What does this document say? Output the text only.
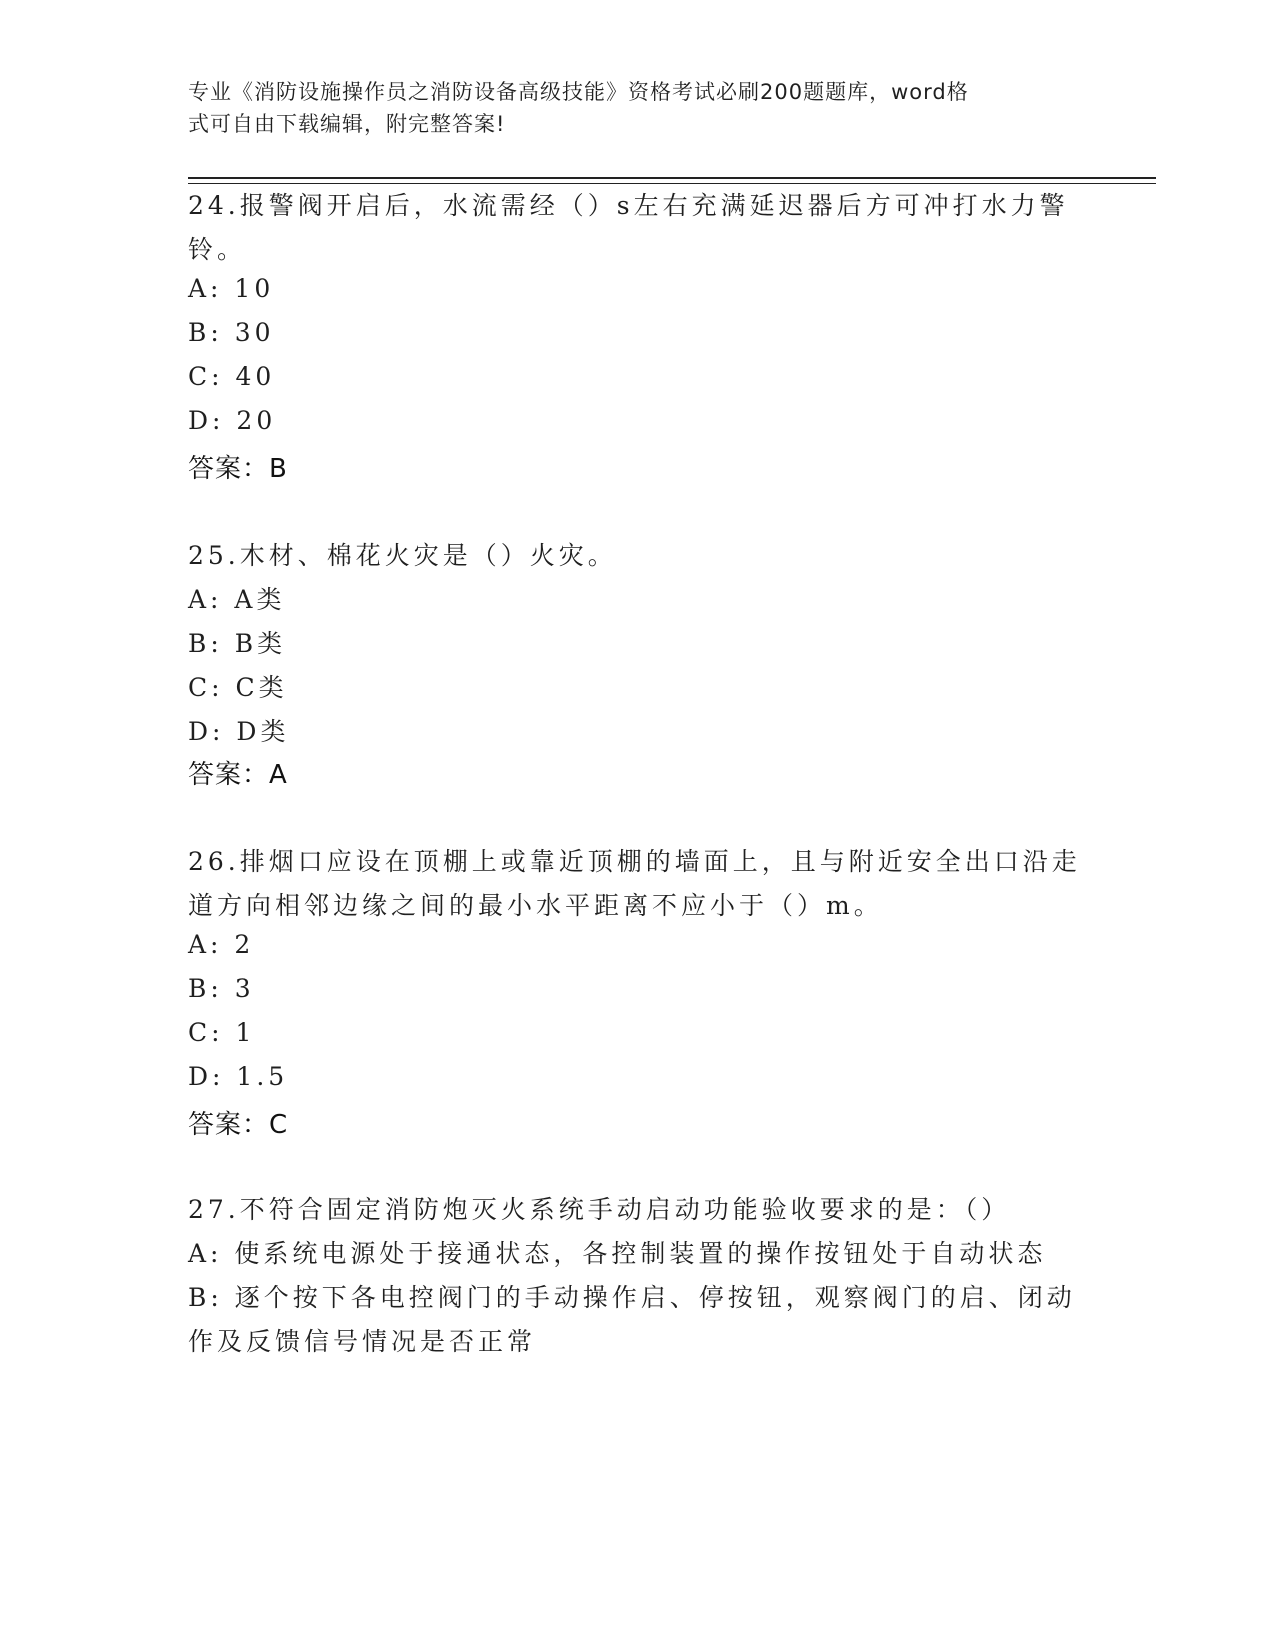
专业《消防设施操作员之消防设备高级技能》资格考试必刷200题题库，word格
式可自由下载编辑，附完整答案!
24.报警阀开启后，水流需经（）s左右充满延迟器后方可冲打水力警
铃。
A: 10
B: 30
C: 40
D: 20
答案：B
25.木材、棉花火灾是（）火灾。
A: A类
B: B类
C: C类
D: D类
答案：A
26.排烟口应设在顶棚上或靠近顶棚的墙面上，且与附近安全出口沿走
道方向相邻边缘之间的最小水平距离不应小于（）m。
A: 2
B: 3
C: 1
D: 1.5
答案：C
27.不符合固定消防炮灭火系统手动启动功能验收要求的是：（）
A: 使系统电源处于接通状态，各控制装置的操作按钮处于自动状态
B: 逐个按下各电控阀门的手动操作启、停按钮，观察阀门的启、闭动
作及反馈信号情况是否正常
